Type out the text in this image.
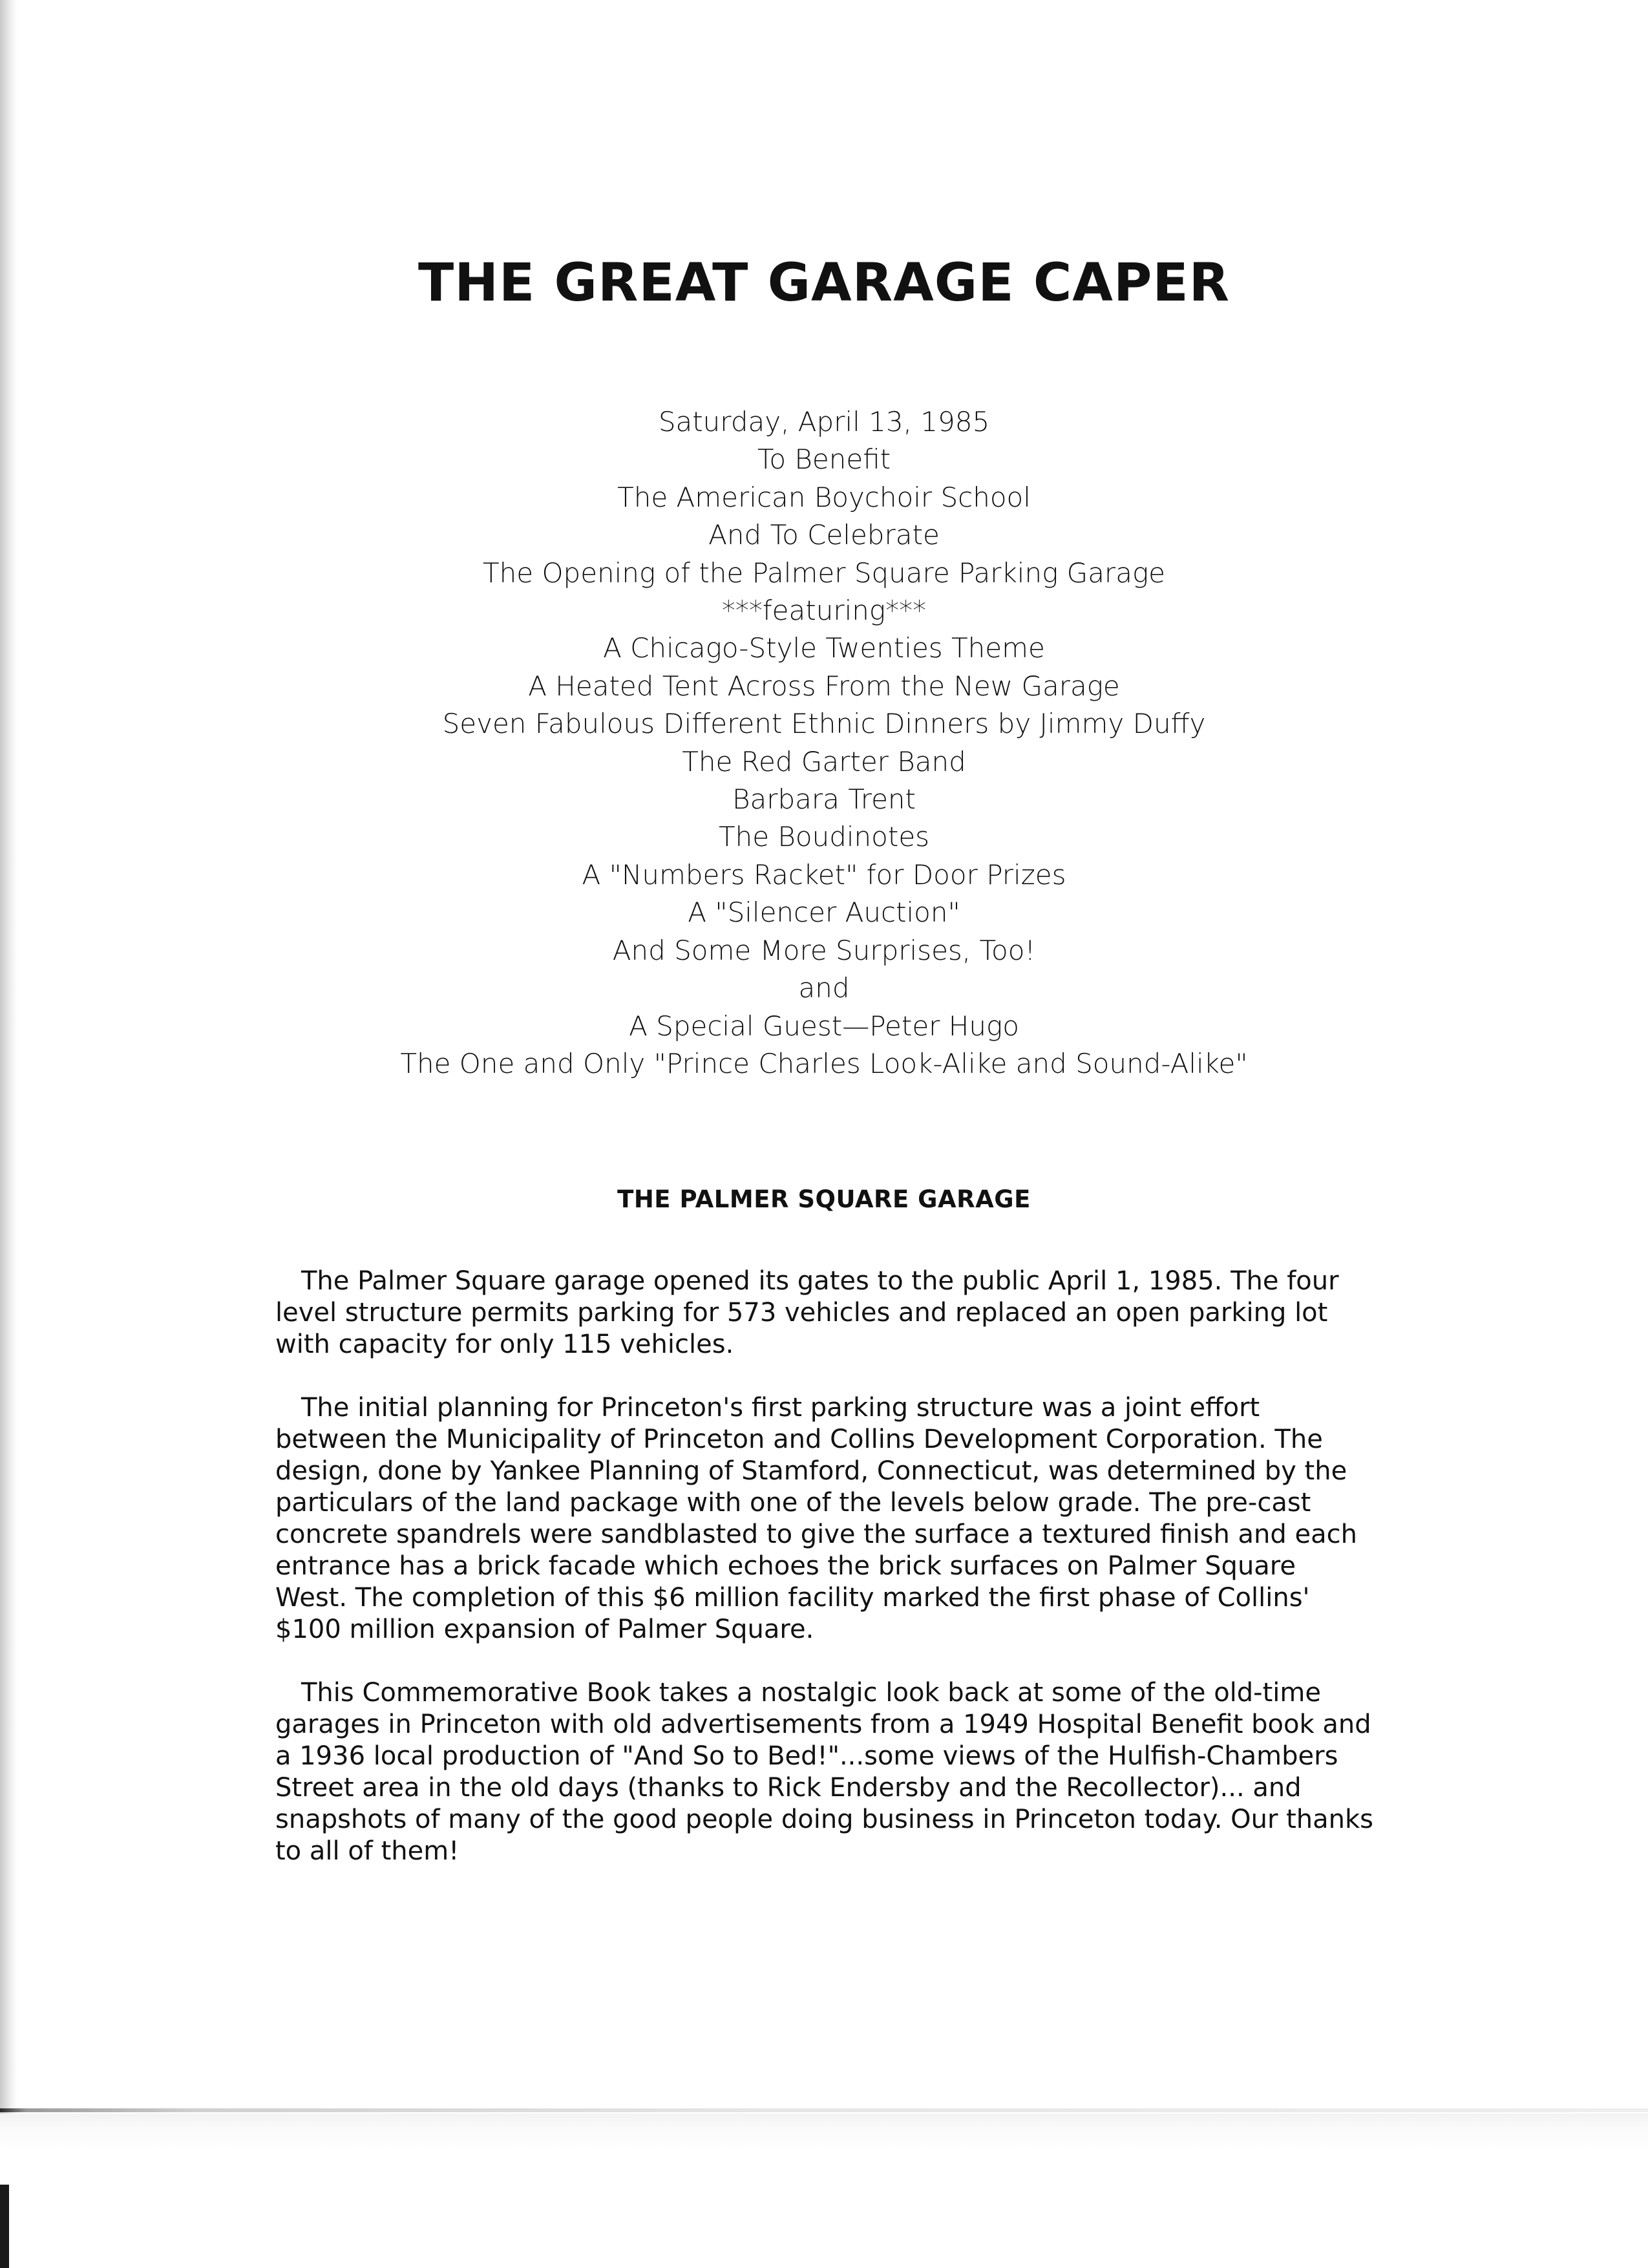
THE GREAT GARAGE CAPER
Saturday, April 13, 1985
To Benefit
The American Boychoir School
And To Celebrate
The Opening of the Palmer Square Parking Garage
***featuring***
A Chicago-Style Twenties Theme
A Heated Tent Across From the New Garage
Seven Fabulous Different Ethnic Dinners by Jimmy Duffy
The Red Garter Band
Barbara Trent
The Boudinotes
A "Numbers Racket" for Door Prizes
A "Silencer Auction"
And Some More Surprises, Too!
and
A Special Guest—Peter Hugo
The One and Only "Prince Charles Look-Alike and Sound-Alike"
THE PALMER SQUARE GARAGE

The Palmer Square garage opened its gates to the public April 1, 1985. The four level structure permits parking for 573 vehicles and replaced an open parking lot with capacity for only 115 vehicles.

The initial planning for Princeton's first parking structure was a joint effort between the Municipality of Princeton and Collins Development Corporation. The design, done by Yankee Planning of Stamford, Connecticut, was determined by the particulars of the land package with one of the levels below grade. The pre-cast concrete spandrels were sandblasted to give the surface a textured finish and each entrance has a brick facade which echoes the brick surfaces on Palmer Square West. The completion of this $6 million facility marked the first phase of Collins' $100 million expansion of Palmer Square.

This Commemorative Book takes a nostalgic look back at some of the old-time garages in Princeton with old advertisements from a 1949 Hospital Benefit book and a 1936 local production of "And So to Bed!"...some views of the Hulfish-Chambers Street area in the old days (thanks to Rick Endersby and the Recollector)... and snapshots of many of the good people doing business in Princeton today. Our thanks to all of them!
